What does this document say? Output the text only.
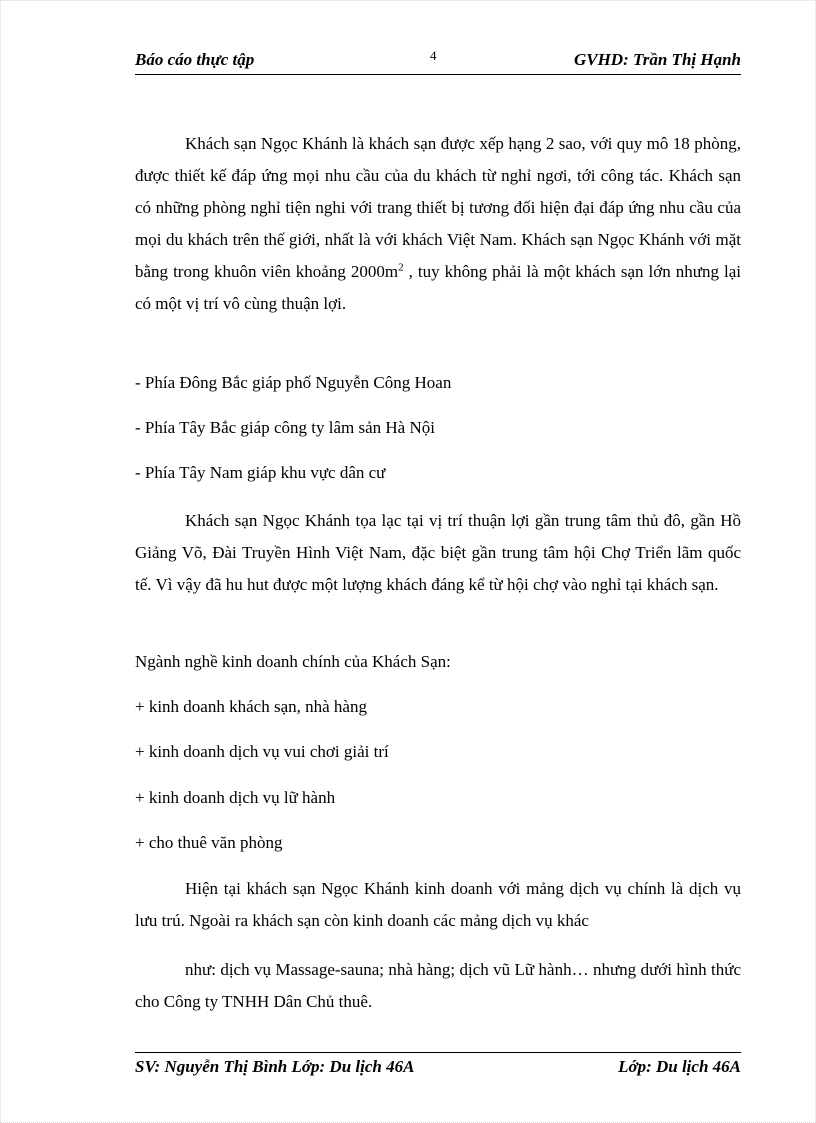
Báo cáo thực tập	4	GVHD: Trần Thị Hạnh

Khách sạn Ngọc Khánh là khách sạn được xếp hạng 2 sao, với quy mô 18 phòng, được thiết kế đáp ứng mọi nhu cầu của du khách từ nghỉ ngơi, tới công tác. Khách sạn có những phòng nghỉ tiện nghi với trang thiết bị tương đối hiện đại đáp ứng nhu cầu của mọi du khách trên thế giới, nhất là với khách Việt Nam. Khách sạn Ngọc Khánh với mặt bằng trong khuôn viên khoảng $2000m^2$ , tuy không phải là một khách sạn lớn nhưng lại có một vị trí vô cùng thuận lợi.

- Phía Đông Bắc giáp phố Nguyễn Công Hoan

- Phía Tây Bắc giáp công ty lâm sản Hà Nội

- Phía Tây Nam giáp khu vực dân cư

Khách sạn Ngọc Khánh tọa lạc tại vị trí thuận lợi gần trung tâm thủ đô, gần Hồ Giảng Võ, Đài Truyền Hình Việt Nam, đặc biệt gần trung tâm hội Chợ Triển lãm quốc tế. Vì vậy đã hu hut được một lượng khách đáng kể từ hội chợ vào nghỉ tại khách sạn.

Ngành nghề kinh doanh chính của Khách Sạn:

+ kinh doanh khách sạn, nhà hàng

+ kinh doanh dịch vụ vui chơi giải trí

+ kinh doanh dịch vụ lữ hành

+ cho thuê văn phòng

Hiện tại khách sạn Ngọc Khánh kinh doanh với mảng dịch vụ chính là dịch vụ lưu trú. Ngoài ra khách sạn còn kinh doanh các mảng dịch vụ khác

như: dịch vụ Massage-sauna; nhà hàng; dịch vũ Lữ hành… nhưng dưới hình thức cho Công ty TNHH Dân Chủ thuê.

SV: Nguyễn Thị Bình Lớp: Du lịch 46A	Lớp: Du lịch 46A
